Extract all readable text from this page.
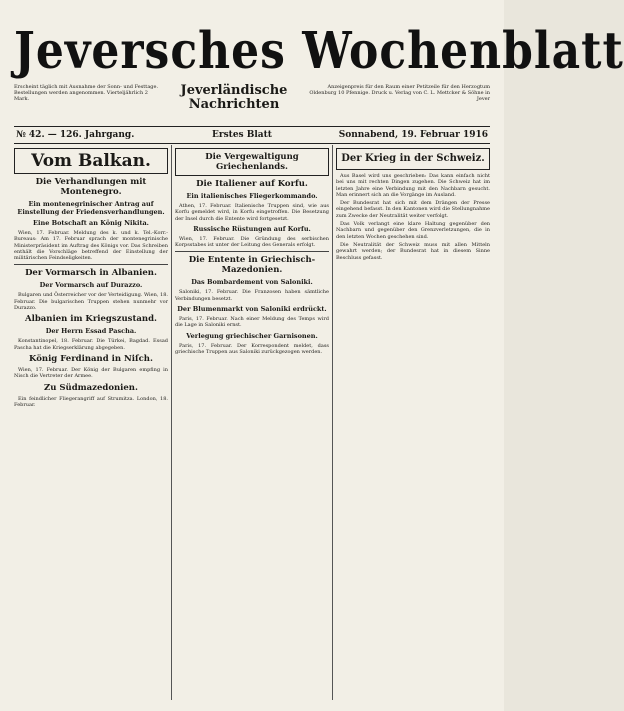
Jeversches Wochenblatt
Erscheint täglich mit Ausnahme der Sonn- und Festtage. Bestellungen werden angenommen. Vierteljährlich 2 Mark.
Jeverländische
Nachrichten
Anzeigenpreis für den Raum einer Petitzeile für den Herzogtum Oldenburg 10 Pfennige. Druck u. Verlag von C. L. Mettcker & Söhne in Jever
№ 42. — 126. Jahrgang.	Erstes Blatt	Sonnabend, 19. Februar 1916
Vom Balkan.
Die Verhandlungen mit Montenegro.
Ein montenegrinischer Antrag auf Einstellung der Friedensverhandlungen.
Eine Botschaft an König Nikita.

Wien, 17. Februar. Meldung des k. und k. Tel.-Korr.-Bureaus: Am 17. Februar sprach der montenegrinische Ministerpräsident im Auftrag des Königs vor. Das Schreiben enthält die Vorschläge betreffend der Einstellung der militärischen Feindseligkeiten.

Der Vormarsch in Albanien.
Der Vormarsch auf Durazzo.

Bulgaren und Österreicher vor der Verteidigung. Wien, 18. Februar. Die bulgarischen Truppen stehen nunmehr vor Durazzo.

Albanien im Kriegszustand.
Der Herrn Essad Pascha.

Konstantinopel, 18. Februar. Die Türkei, Bagdad. Essad Pascha hat die Kriegserklärung abgegeben.

König Ferdinand in Niſch.

Wien, 17. Februar. Der König der Bulgaren empfing in Nisch die Vertreter der Armee.

Zu Südmazedonien.

Ein feindlicher Fliegerangriff auf Strumitza. London, 18. Februar.

Die Vergewaltigung Griechenlands.
Die Italiener auf Korfu.
Ein italienisches Fliegerkommando.

Athen, 17. Februar. Italienische Truppen sind, wie aus Korfu gemeldet wird, in Korfu eingetroffen. Die Besetzung der Insel durch die Entente wird fortgesetzt.

Russische Rüstungen auf Korfu.

Wien, 17. Februar. Die Gründung des serbischen Korpsstabes ist unter der Leitung des Generals erfolgt.

Die Entente in Griechisch-Mazedonien.
Das Bombardement von Saloniki.

Saloniki, 17. Februar. Die Franzosen haben sämtliche Verbindungen besetzt.

Der Blumenmarkt von Saloniki erdrückt.

Paris, 17. Februar. Nach einer Meldung des Temps wird die Lage in Saloniki ernst.

Verlegung griechischer Garnisonen.

Paris, 17. Februar. Der Korrespondent meldet, dass griechische Truppen aus Saloniki zurückgezogen werden.

Der Krieg in der Schweiz.

Aus Basel wird uns geschrieben: Das kann einfach nicht bei uns mit rechten Dingen zugehen. Die Schweiz hat im letzten Jahre eine Verbindung mit den Nachbarn gesucht. Man erinnert sich an die Vorgänge im Ausland.

Der Bundesrat hat sich mit dem Drängen der Presse eingehend befasst. In den Kantonen wird die Stellungnahme zum Zwecke der Neutralität weiter verfolgt.

Das Volk verlangt eine klare Haltung gegenüber den Nachbarn und gegenüber den Grenzverletzungen, die in den letzten Wochen geschehen sind.

Die Neutralität der Schweiz muss mit allen Mitteln gewahrt werden; der Bundesrat hat in diesem Sinne Beschluss gefasst.
